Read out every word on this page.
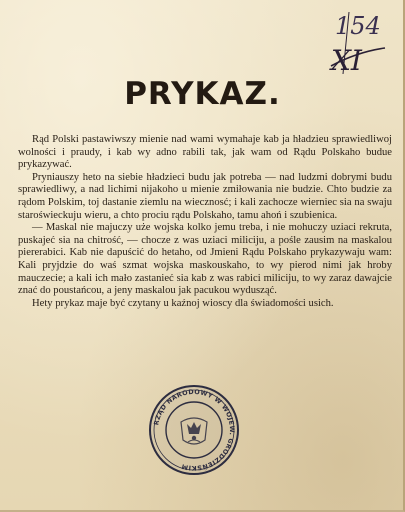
154
XI
PRYKAZ.

Rąd Polski pastawiwszy mienie nad wami wymahaje kab ja hładzieu sprawiedliwoj wolności i praudy, i kab wy adno rabili tak, jak wam od Rądu Polskaho budue prykazywać.

Pryniauszy heto na siebie hładzieci budu jak potreba — nad ludzmi dobrymi budu sprawiedliwy, a nad lichimi nijakoho u mienie zmiłowania nie budzie. Chto budzie za rądom Polskim, toj dastanie ziemlu na wiecznosć; i kali zachocze wierniec sia na swaju staroświeckuju wieru, a chto prociu rądu Polskaho, tamu ahoń i szubienica.

— Maskal nie majuczy uże wojska kolko jemu treba, i nie mohuczy uziaci rekruta, puskajeć sia na chitrość, — chocze z was uziaci miliciju, a pośle zausim na maskalou piererabici. Kab nie dapuścić do hetaho, od Jmieni Rądu Polskaho prykazywaju wam: Kali pryjdzie do waś szmat wojska maskouskaho, to wy pierod nimi jak hroby mauczecie; a kali ich mało zastanieć sia kab z was rabici miliciju, to wy zaraz dawajcie znać do poustańcou, a jeny maskalou jak pacukou wydusząć.

Hety prykaz maje być czytany u kaźnoj wioscy dla świadomości usich.

RZĄD NARODOWY W WOJEW. GRODZIEŃSKIM
